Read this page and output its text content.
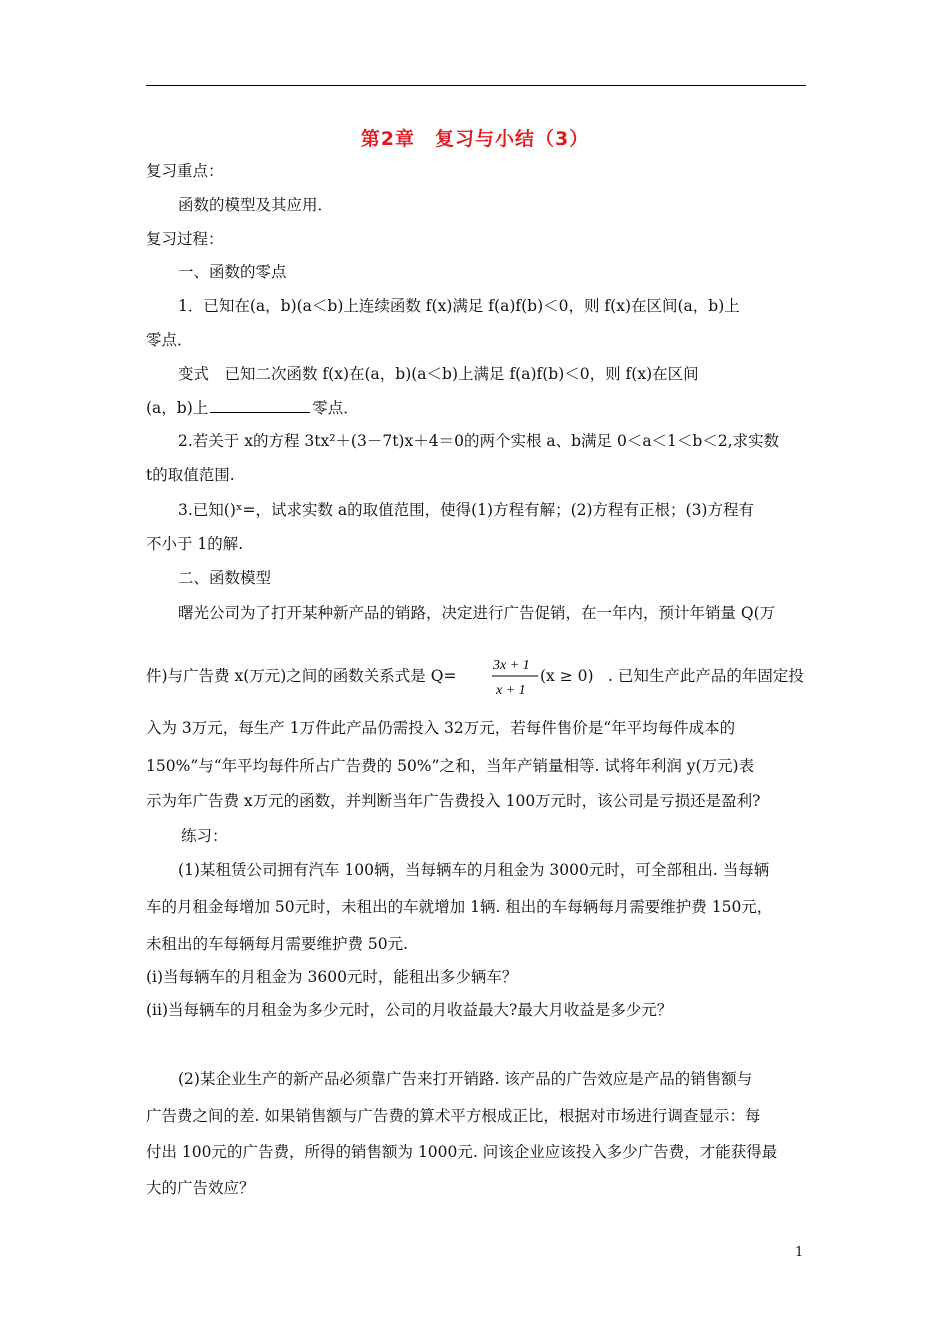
第2章　复习与小结（3）
复习重点：
函数的模型及其应用．
复习过程：
一、函数的零点
1．已知在(a，b)(a＜b)上连续函数 f(x)满足 f(a)f(b)＜0，则 f(x)在区间(a，b)上
零点．
变式　已知二次函数 f(x)在(a，b)(a＜b)上满足 f(a)f(b)＜0，则 f(x)在区间
(a，b)上	零点．
2.若关于 x的方程 3tx²＋(3－7t)x＋4＝0的两个实根 a、b满足 0＜a＜1＜b＜2,求实数
t的取值范围.
3.已知()ˣ=，试求实数 a的取值范围，使得(1)方程有解；(2)方程有正根；(3)方程有
不小于 1的解.
二、函数模型
曙光公司为了打开某种新产品的销路，决定进行广告促销，在一年内，预计年销量 Q(万
件)与广告费 x(万元)之间的函数关系式是 Q=
3x + 1
x + 1
(x ≥ 0) . 已知生产此产品的年固定投
入为 3万元，每生产 1万件此产品仍需投入 32万元，若每件售价是“年平均每件成本的
150%”与“年平均每件所占广告费的 50%”之和，当年产销量相等. 试将年利润 y(万元)表
示为年广告费 x万元的函数，并判断当年广告费投入 100万元时，该公司是亏损还是盈利?
练习：
(1)某租赁公司拥有汽车 100辆，当每辆车的月租金为 3000元时，可全部租出. 当每辆
车的月租金每增加 50元时，未租出的车就增加 1辆. 租出的车每辆每月需要维护费 150元，
未租出的车每辆每月需要维护费 50元.
(i)当每辆车的月租金为 3600元时，能租出多少辆车？
(ii)当每辆车的月租金为多少元时，公司的月收益最大?最大月收益是多少元？
(2)某企业生产的新产品必须靠广告来打开销路. 该产品的广告效应是产品的销售额与
广告费之间的差. 如果销售额与广告费的算术平方根成正比，根据对市场进行调查显示：每
付出 100元的广告费，所得的销售额为 1000元. 问该企业应该投入多少广告费，才能获得最
大的广告效应？
1
